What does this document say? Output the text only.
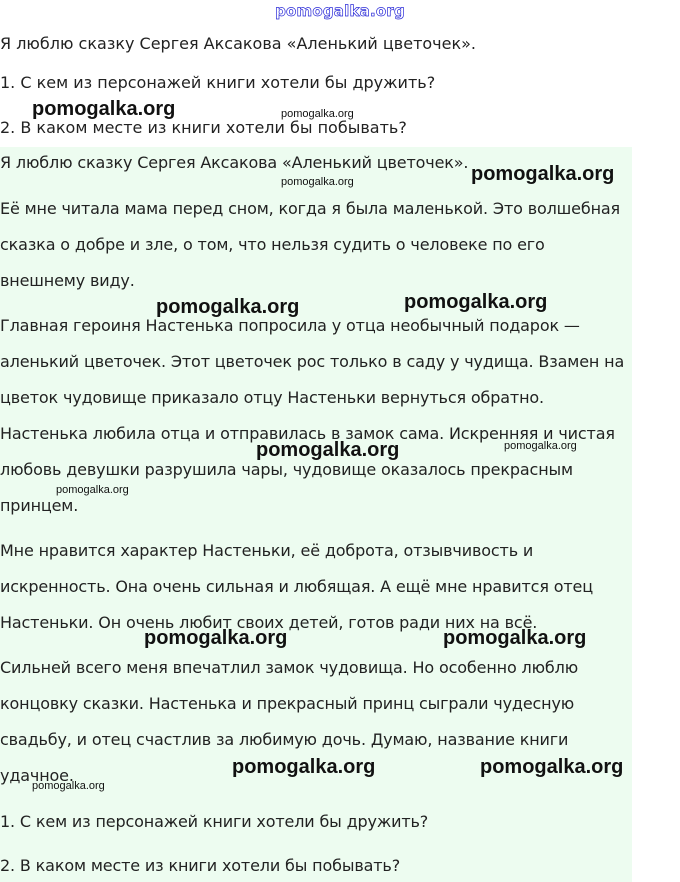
pomogalka.org

Я люблю сказку Сергея Аксакова «Аленький цветочек».

1. С кем из персонажей книги хотели бы дружить?

2. В каком месте из книги хотели бы побывать?

Я люблю сказку Сергея Аксакова «Аленький цветочек».

Её мне читала мама перед сном, когда я была маленькой. Это волшебная

сказка о добре и зле, о том, что нельзя судить о человеке по его

внешнему виду.

Главная героиня Настенька попросила у отца необычный подарок —

аленький цветочек. Этот цветочек рос только в саду у чудища. Взамен на

цветок чудовище приказало отцу Настеньки вернуться обратно.

Настенька любила отца и отправилась в замок сама. Искренняя и чистая

любовь девушки разрушила чары, чудовище оказалось прекрасным

принцем.

Мне нравится характер Настеньки, её доброта, отзывчивость и

искренность. Она очень сильная и любящая. А ещё мне нравится отец

Настеньки. Он очень любит своих детей, готов ради них на всё.

Сильней всего меня впечатлил замок чудовища. Но особенно люблю

концовку сказки. Настенька и прекрасный принц сыграли чудесную

свадьбу, и отец счастлив за любимую дочь. Думаю, название книги

удачное.

1. С кем из персонажей книги хотели бы дружить?

2. В каком месте из книги хотели бы побывать?

pomogalka.org	pomogalka.org
pomogalka.org
pomogalka.org
pomogalka.org	pomogalka.org
pomogalka.org	pomogalka.org
pomogalka.org
pomogalka.org	pomogalka.org
pomogalka.org	pomogalka.org
pomogalka.org
